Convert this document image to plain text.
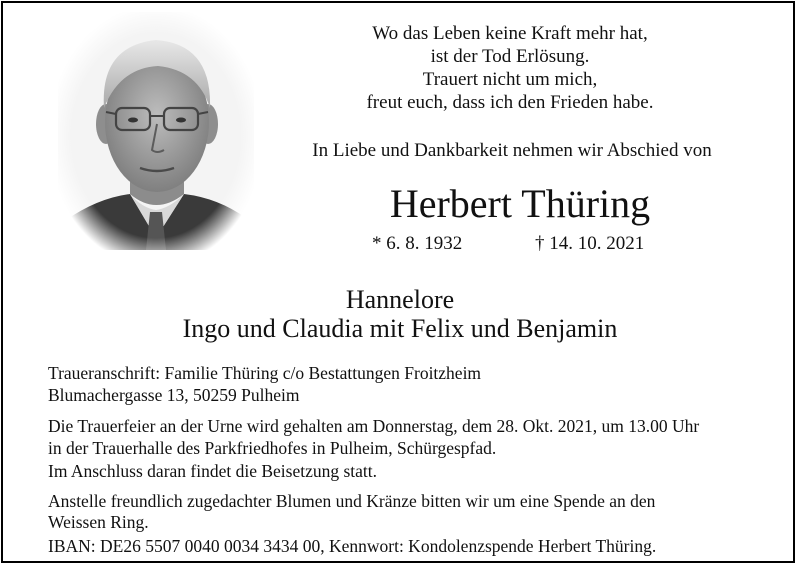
Wo das Leben keine Kraft mehr hat,
ist der Tod Erlösung.
Trauert nicht um mich,
freut euch, dass ich den Frieden habe.
In Liebe und Dankbarkeit nehmen wir Abschied von
Herbert Thüring
* 6. 8. 1932	† 14. 10. 2021
Hannelore
Ingo und Claudia mit Felix und Benjamin
Traueranschrift: Familie Thüring c/o Bestattungen Froitzheim
Blumachergasse 13, 50259 Pulheim
Die Trauerfeier an der Urne wird gehalten am Donnerstag, dem 28. Okt. 2021, um 13.00 Uhr
in der Trauerhalle des Parkfriedhofes in Pulheim, Schürgespfad.
Im Anschluss daran findet die Beisetzung statt.
Anstelle freundlich zugedachter Blumen und Kränze bitten wir um eine Spende an den
Weissen Ring.
IBAN: DE26 5507 0040 0034 3434 00, Kennwort: Kondolenzspende Herbert Thüring.
